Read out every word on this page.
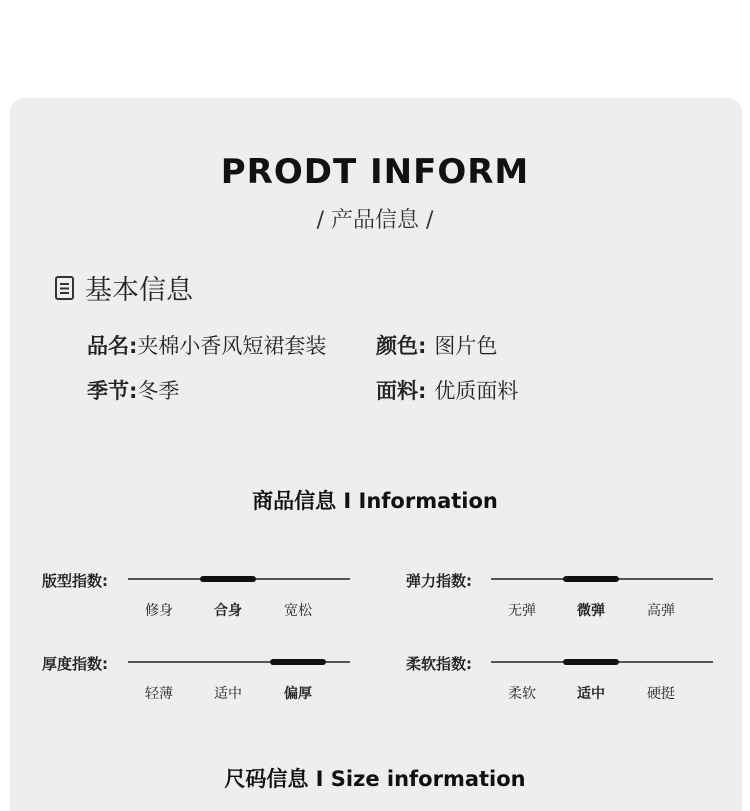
PRODT INFORM
/ 产品信息 /
基本信息
品名:夹棉小香风短裙套装 颜色: 图片色
季节:冬季	面料: 优质面料
商品信息 I Information
版型指数:
修身	合身	宽松
弹力指数:
无弹	微弹	高弹
厚度指数:
轻薄	适中	偏厚
柔软指数:
柔软	适中	硬挺
尺码信息 I Size information
